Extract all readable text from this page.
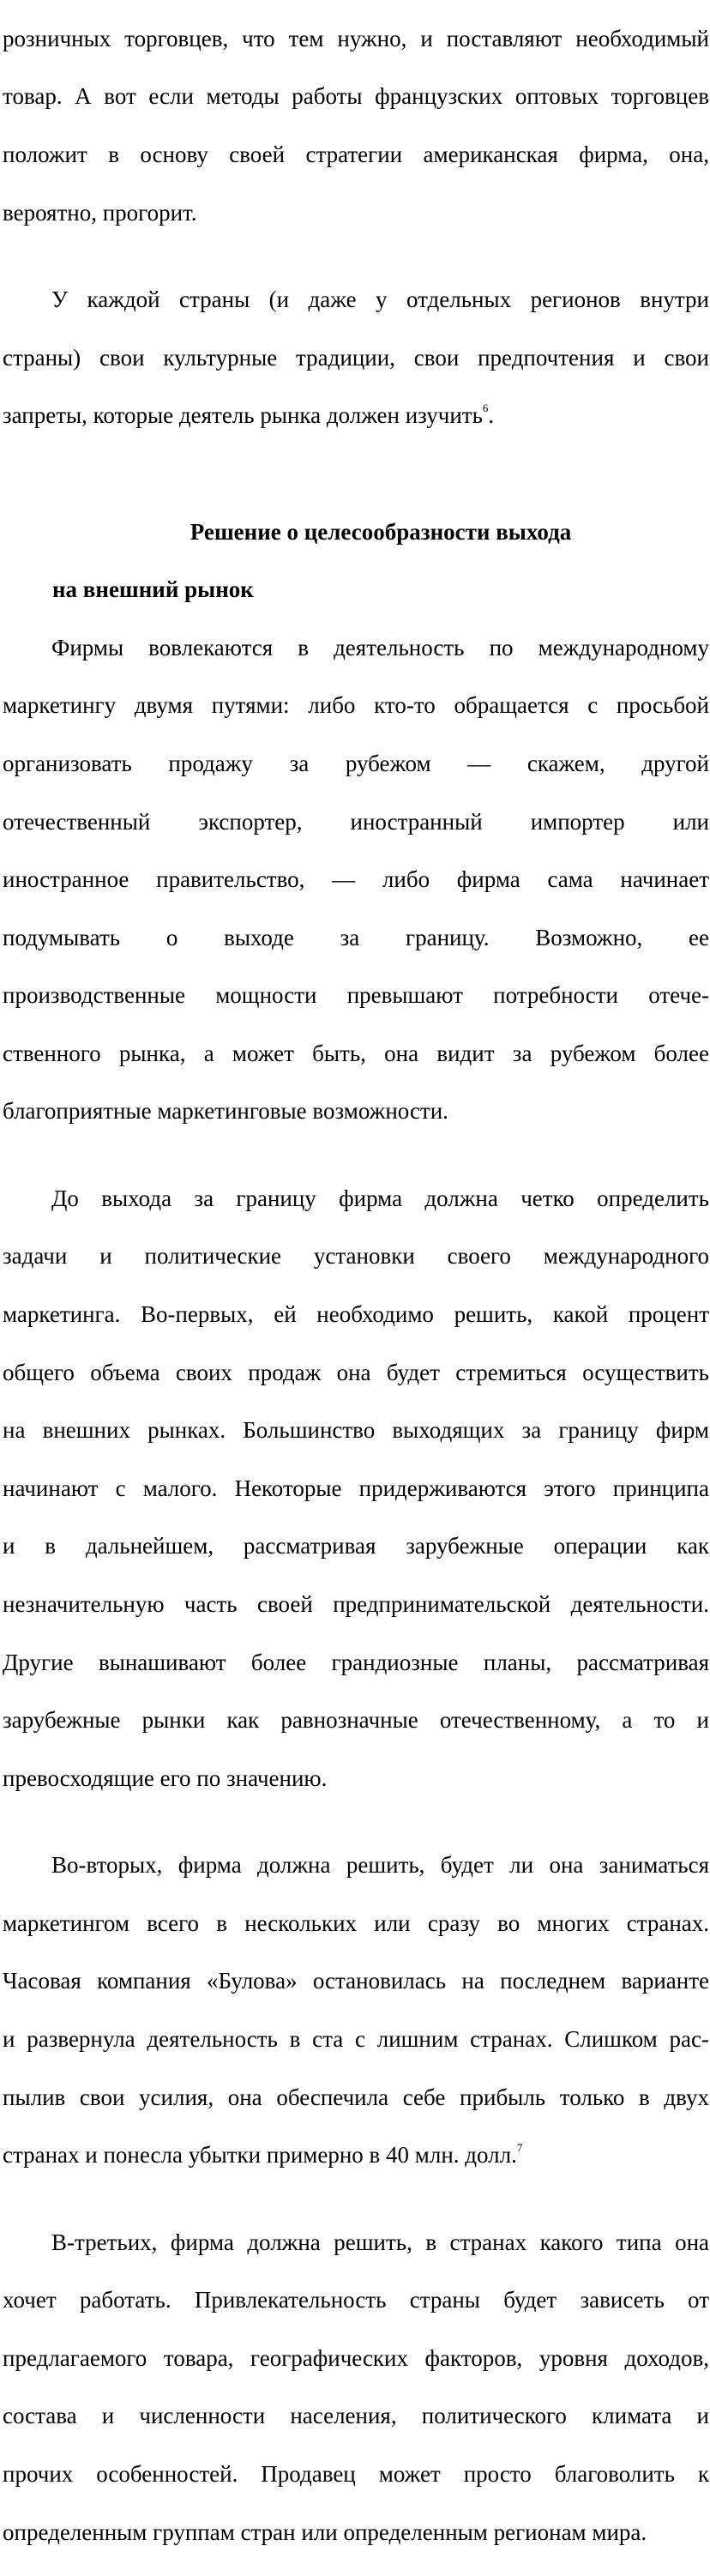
розничных торговцев, что тем нужно, и поставляют необходимый

товар. А вот если методы работы французских оптовых торговцев

положит в основу своей стратегии американская фирма, она,

вероятно, прогорит.

У каждой страны (и даже у отдельных регионов внутри

страны) свои культурные традиции, свои предпочтения и свои

запреты, которые деятель рынка должен изучить$^6$.

Решение о целесообразности выхода

на внешний рынок

Фирмы вовлекаются в деятельность по международному

маркетингу двумя путями: либо кто-то обращается с просьбой

организовать продажу за рубежом — скажем, другой

отечественный экспортер, иностранный импортер или

иностранное правительство, — либо фирма сама начинает

подумывать о выходе за границу. Возможно, ее

производственные мощности превышают потребности отече-

ственного рынка, а может быть, она видит за рубежом более

благоприятные маркетинговые возможности.

До выхода за границу фирма должна четко определить

задачи и политические установки своего международного

маркетинга. Во-первых, ей необходимо решить, какой процент

общего объема своих продаж она будет стремиться осуществить

на внешних рынках. Большинство выходящих за границу фирм

начинают с малого. Некоторые придерживаются этого принципа

и в дальнейшем, рассматривая зарубежные операции как

незначительную часть своей предпринимательской деятельности.

Другие вынашивают более грандиозные планы, рассматривая

зарубежные рынки как равнозначные отечественному, а то и

превосходящие его по значению.

Во-вторых, фирма должна решить, будет ли она заниматься

маркетингом всего в нескольких или сразу во многих странах.

Часовая компания «Булова» остановилась на последнем варианте

и развернула деятельность в ста с лишним странах. Слишком рас-

пылив свои усилия, она обеспечила себе прибыль только в двух

странах и понесла убытки примерно в 40 млн. долл.$^7$

В-третьих, фирма должна решить, в странах какого типа она

хочет работать. Привлекательность страны будет зависеть от

предлагаемого товара, географических факторов, уровня доходов,

состава и численности населения, политического климата и

прочих особенностей. Продавец может просто благоволить к

определенным группам стран или определенным регионам мира.
